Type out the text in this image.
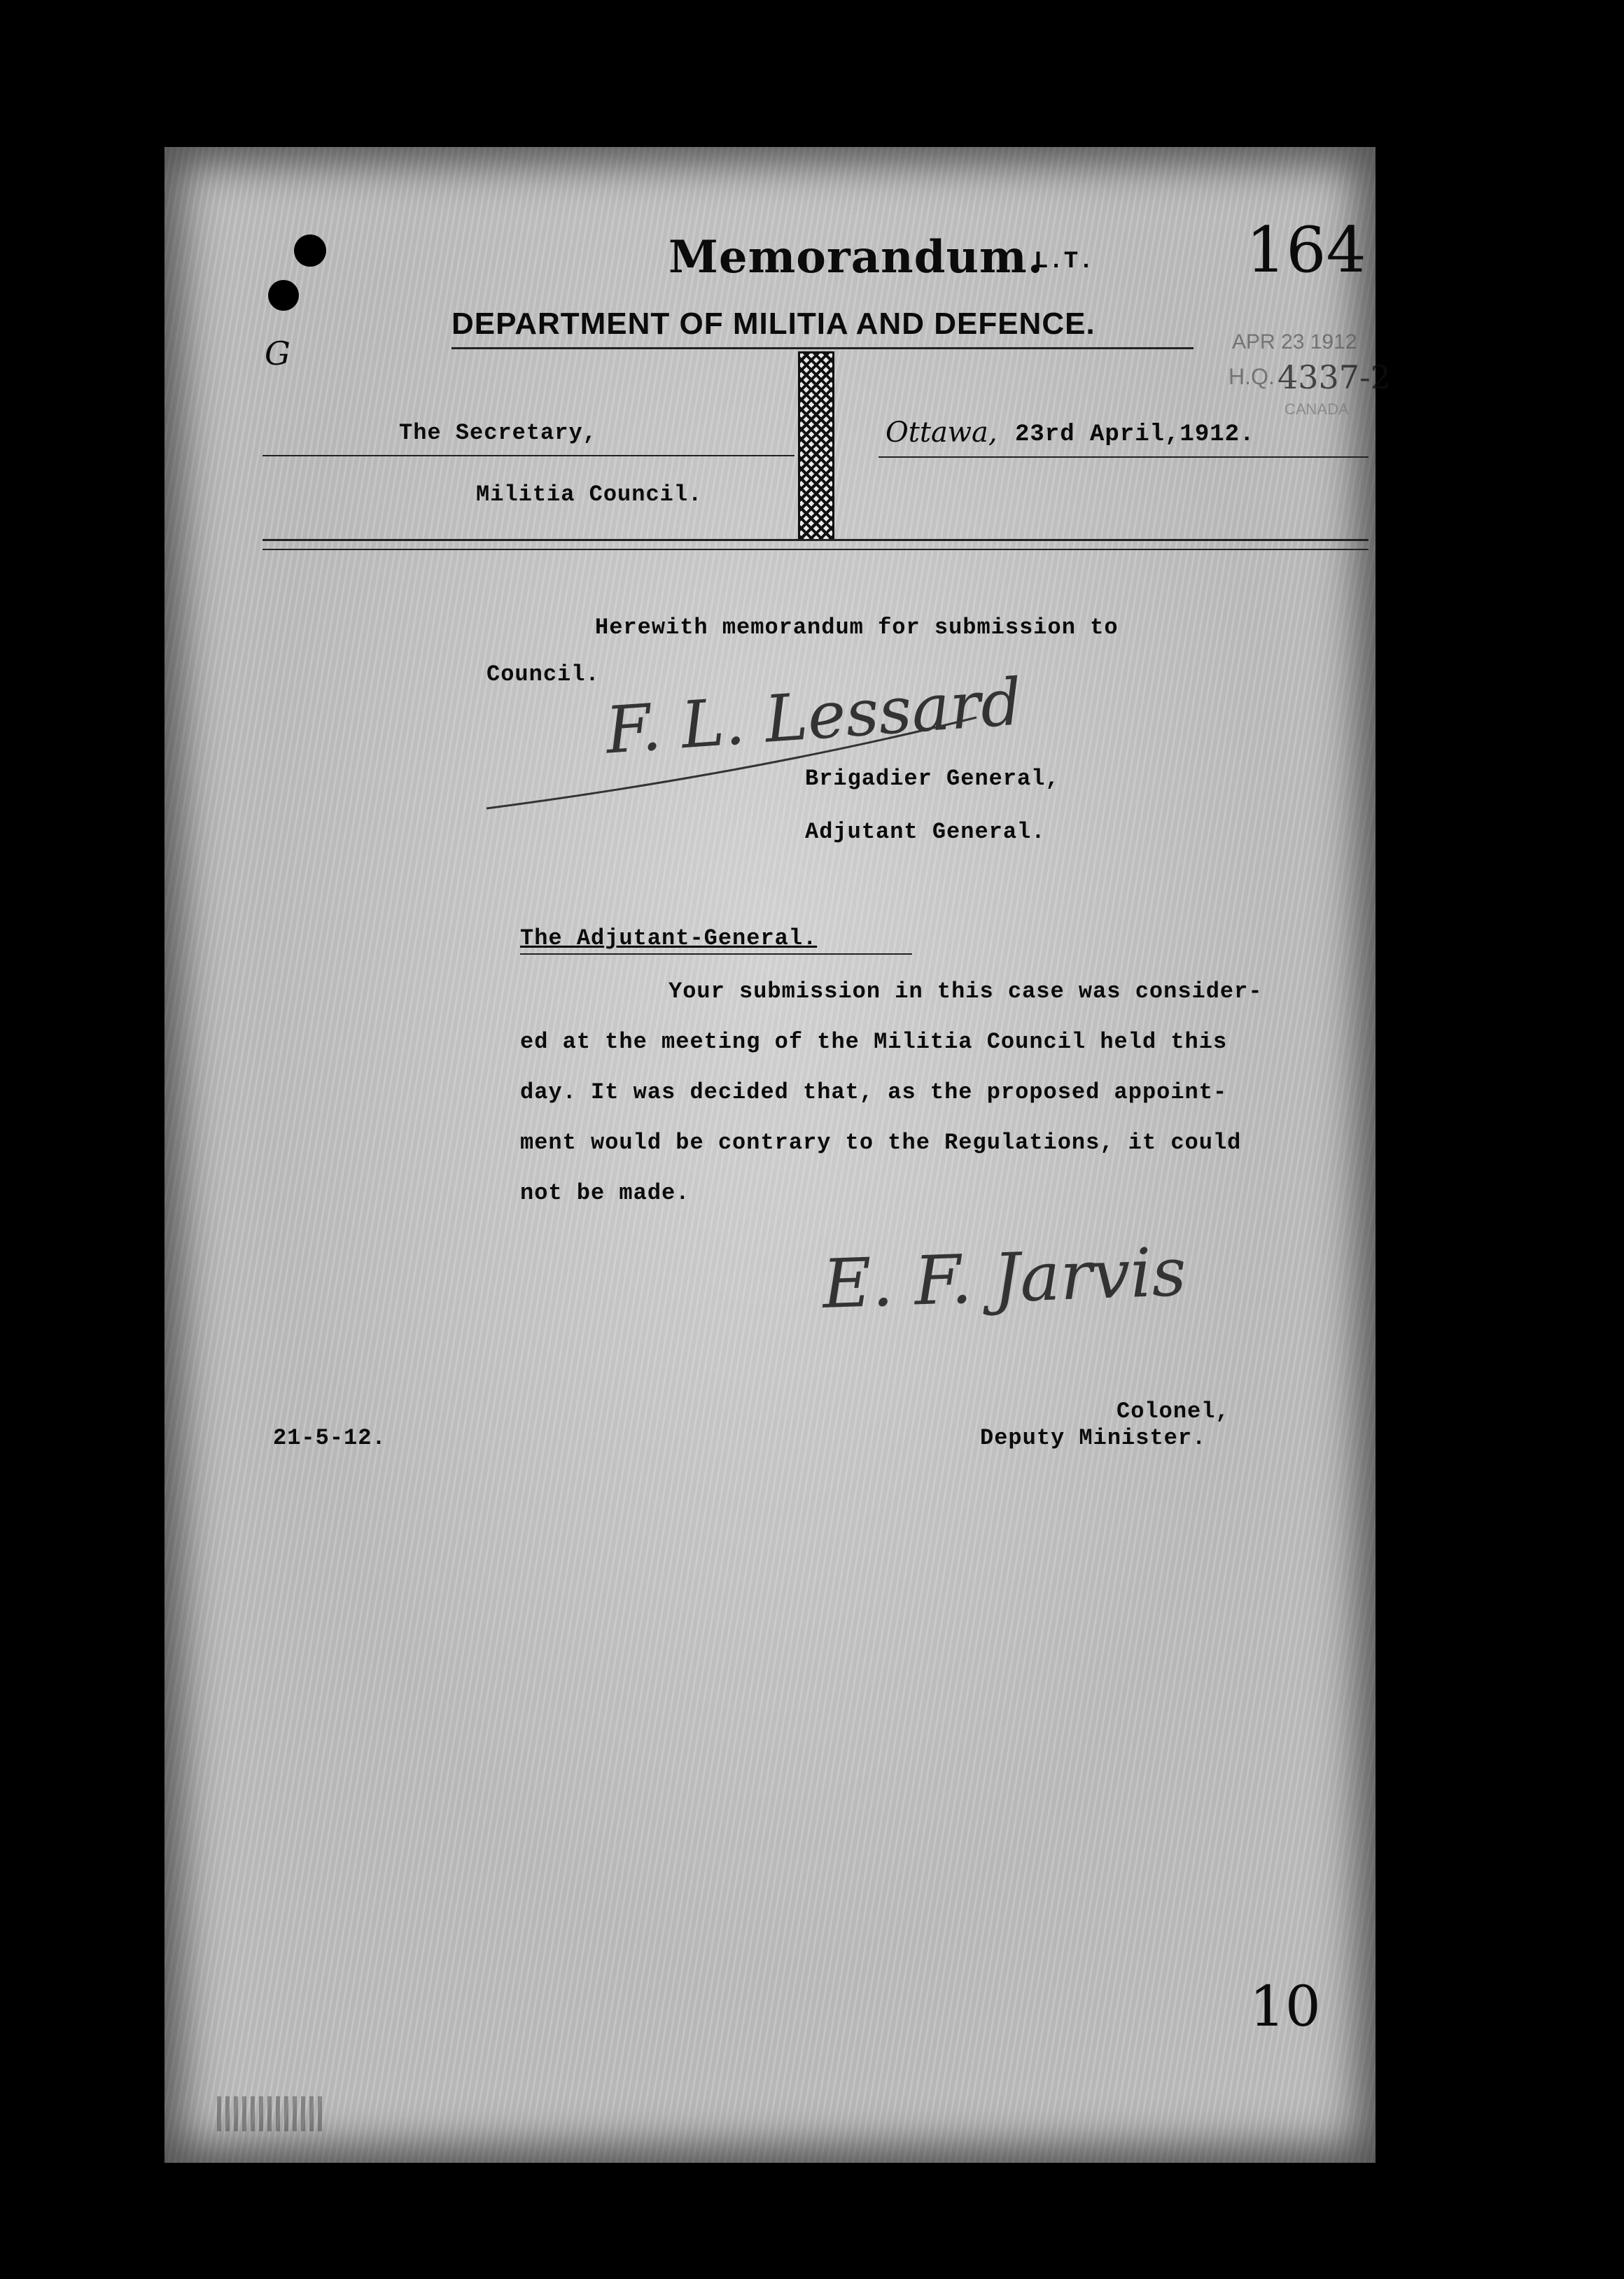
G
Memorandum.
L.T. 164
DEPARTMENT OF MILITIA AND DEFENCE.
APR 23 1912
H.Q. 4337-2
CANADA
The Secretary,
Militia Council.
Ottawa, 23rd April,1912.
Herewith memorandum for submission to
Council. F. L. Lessard
Brigadier General,
Adjutant General.
The Adjutant-General.
Your submission in this case was consider-
ed at the meeting of the Militia Council held this
day. It was decided that, as the proposed appoint-
ment would be contrary to the Regulations, it could
not be made.
E. F. Jarvis
21-5-12.
Colonel,
Deputy Minister.
10
